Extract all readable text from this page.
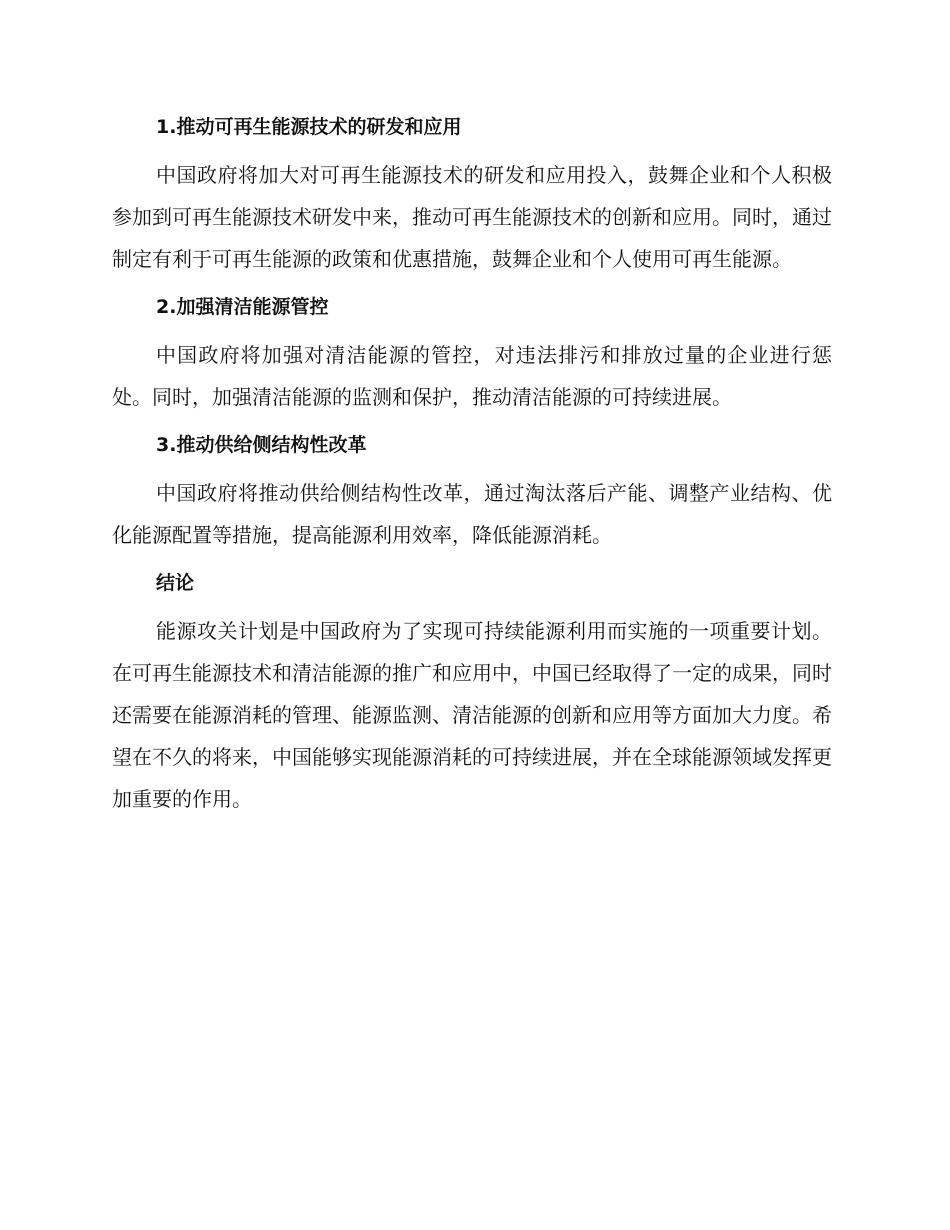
1.推动可再生能源技术的研发和应用

中国政府将加大对可再生能源技术的研发和应用投入，鼓舞企业和个人积极参加到可再生能源技术研发中来，推动可再生能源技术的创新和应用。同时，通过制定有利于可再生能源的政策和优惠措施，鼓舞企业和个人使用可再生能源。

2.加强清洁能源管控

中国政府将加强对清洁能源的管控，对违法排污和排放过量的企业进行惩处。同时，加强清洁能源的监测和保护，推动清洁能源的可持续进展。

3.推动供给侧结构性改革

中国政府将推动供给侧结构性改革，通过淘汰落后产能、调整产业结构、优化能源配置等措施，提高能源利用效率，降低能源消耗。

结论

能源攻关计划是中国政府为了实现可持续能源利用而实施的一项重要计划。在可再生能源技术和清洁能源的推广和应用中，中国已经取得了一定的成果，同时还需要在能源消耗的管理、能源监测、清洁能源的创新和应用等方面加大力度。希望在不久的将来，中国能够实现能源消耗的可持续进展，并在全球能源领域发挥更加重要的作用。
